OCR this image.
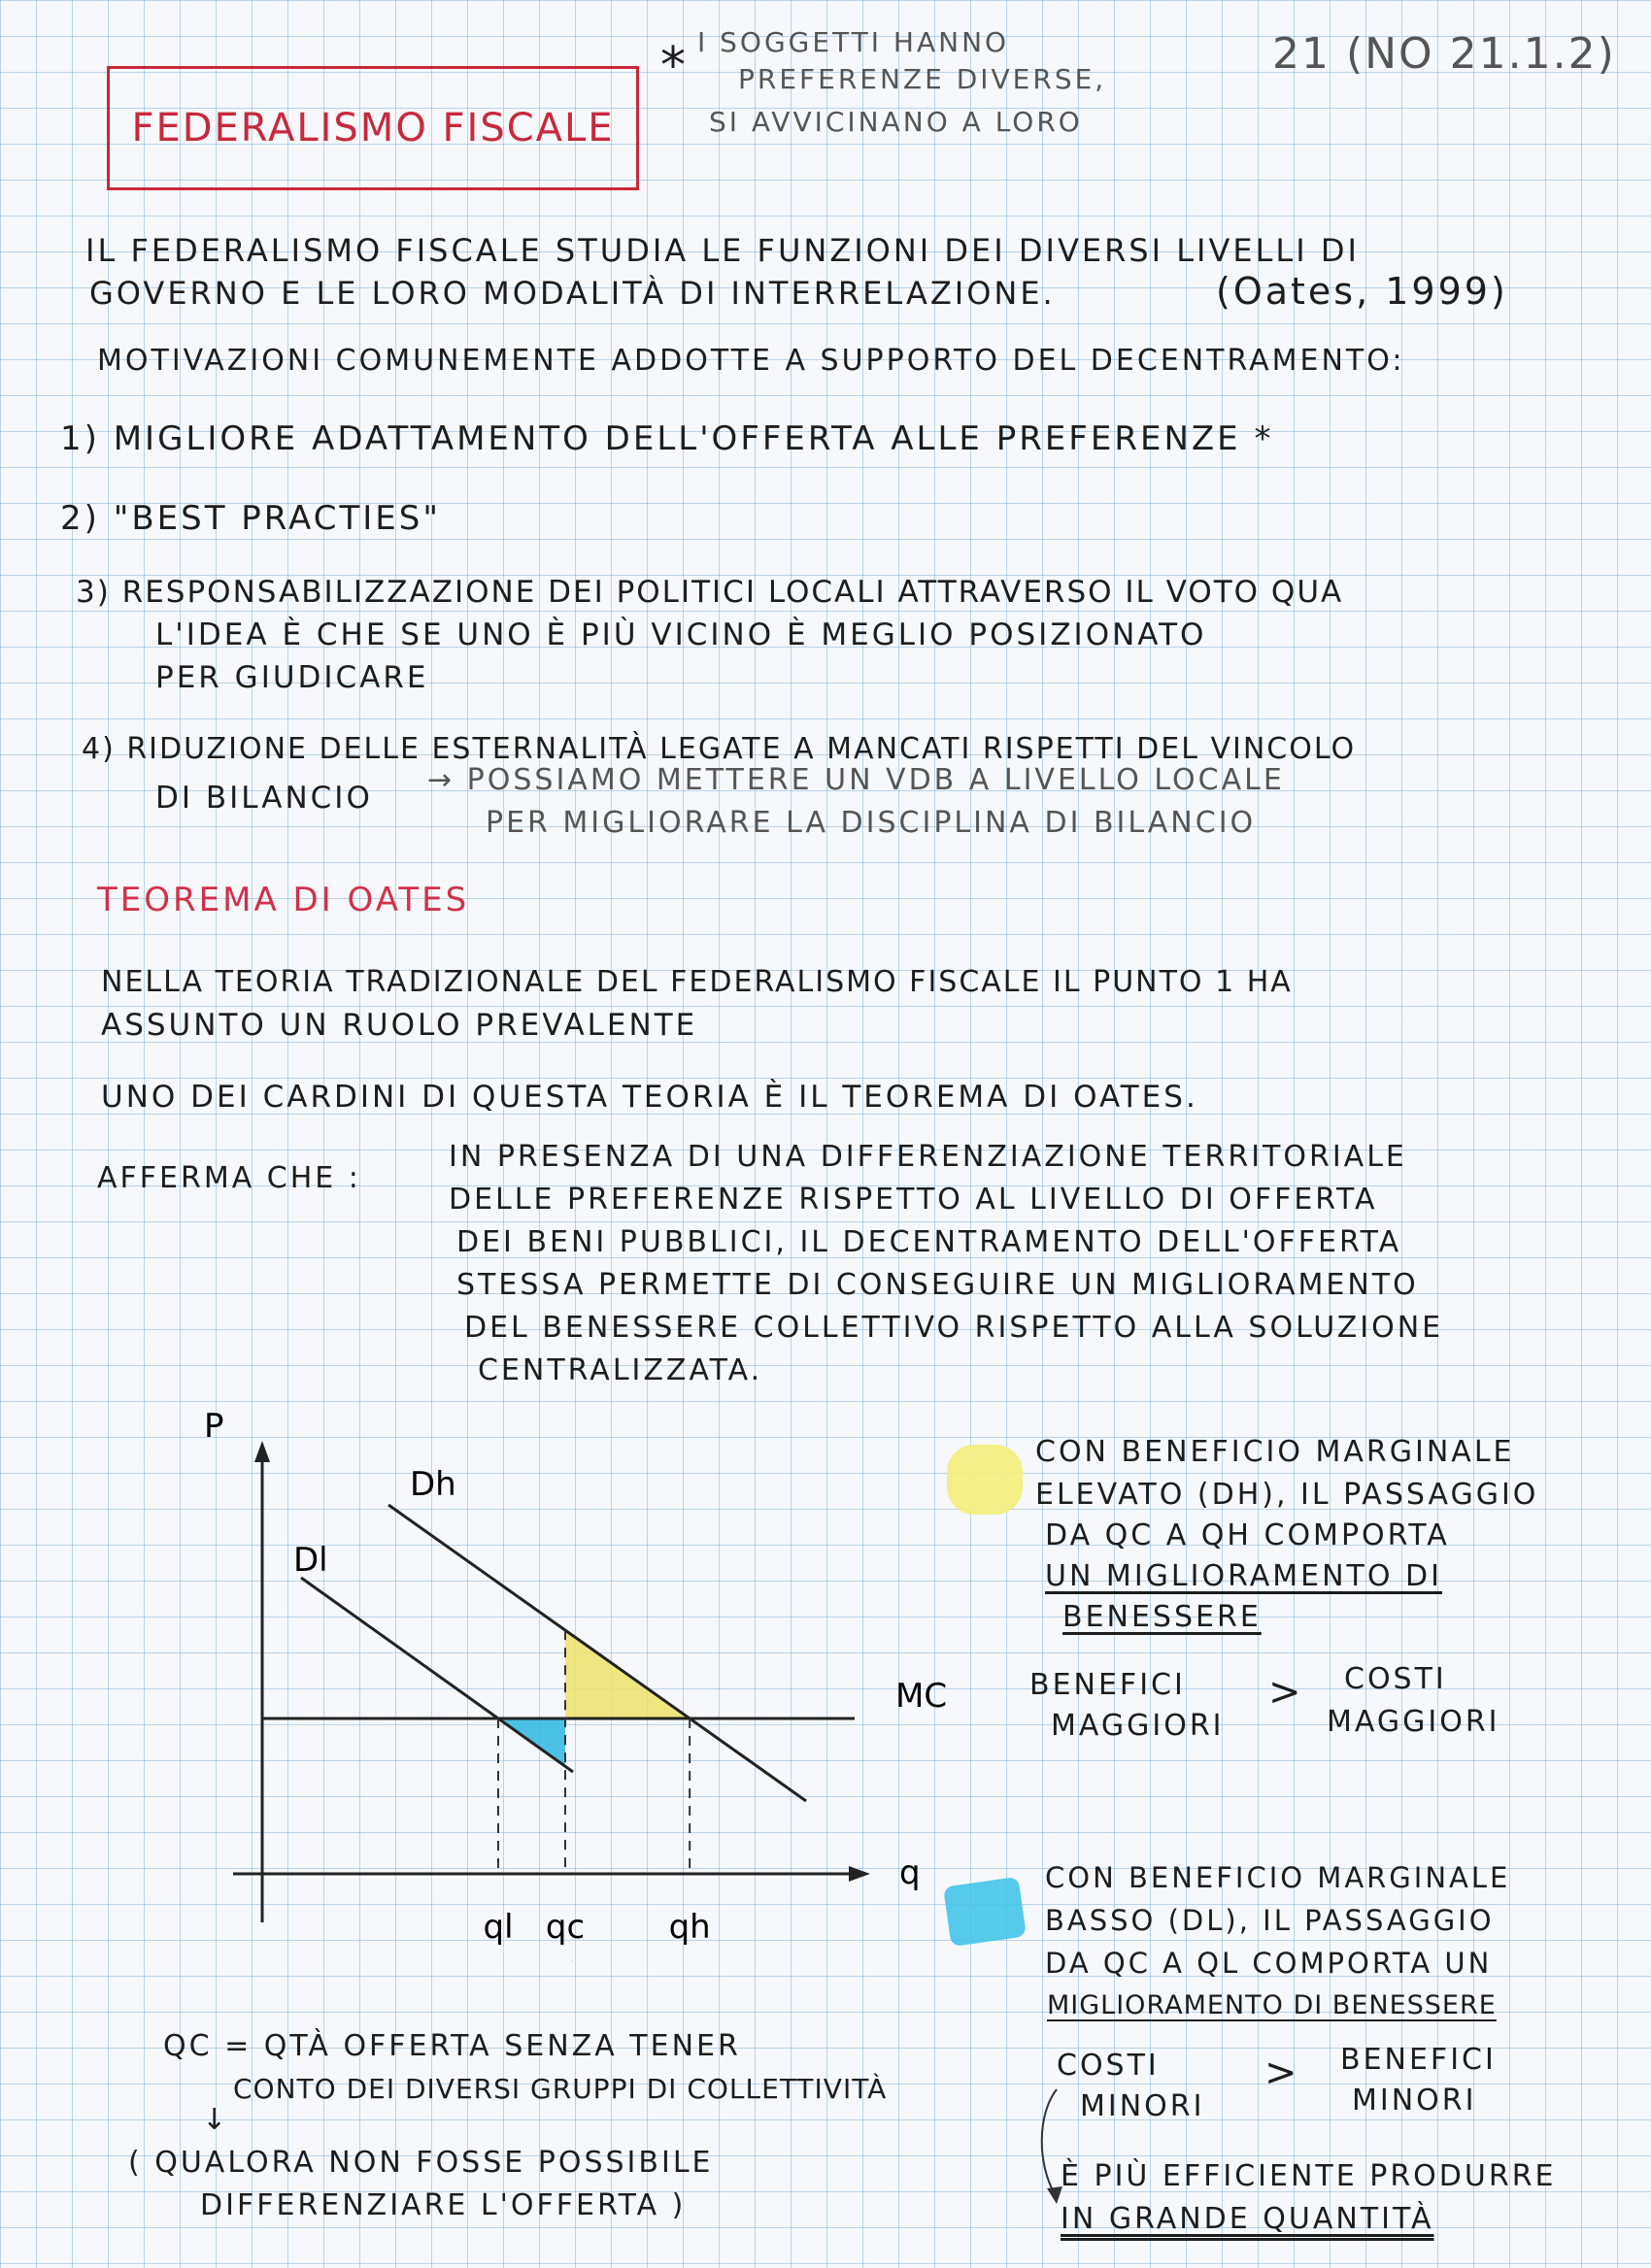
FEDERALISMO FISCALE
* I SOGGETTI HANNO
PREFERENZE DIVERSE,
SI AVVICINANO A LORO
21 (NO 21.1.2)
IL FEDERALISMO FISCALE STUDIA LE FUNZIONI DEI DIVERSI LIVELLI DI
GOVERNO E LE LORO MODALITÀ DI INTERRELAZIONE.	(Oates, 1999)
MOTIVAZIONI COMUNEMENTE ADDOTTE A SUPPORTO DEL DECENTRAMENTO:
1) MIGLIORE ADATTAMENTO DELL'OFFERTA ALLE PREFERENZE *
2) "BEST PRACTIES"
3) RESPONSABILIZZAZIONE DEI POLITICI LOCALI ATTRAVERSO IL VOTO QUA
L'IDEA È CHE SE UNO È PIÙ VICINO È MEGLIO POSIZIONATO
PER GIUDICARE
4) RIDUZIONE DELLE ESTERNALITÀ LEGATE A MANCATI RISPETTI DEL VINCOLO
DI BILANCIO
→ POSSIAMO METTERE UN VDB A LIVELLO LOCALE
PER MIGLIORARE LA DISCIPLINA DI BILANCIO
TEOREMA DI OATES
NELLA TEORIA TRADIZIONALE DEL FEDERALISMO FISCALE IL PUNTO 1 HA
ASSUNTO UN RUOLO PREVALENTE
UNO DEI CARDINI DI QUESTA TEORIA È IL TEOREMA DI OATES.
AFFERMA CHE :
IN PRESENZA DI UNA DIFFERENZIAZIONE TERRITORIALE
DELLE PREFERENZE RISPETTO AL LIVELLO DI OFFERTA
DEI BENI PUBBLICI, IL DECENTRAMENTO DELL'OFFERTA
STESSA PERMETTE DI CONSEGUIRE UN MIGLIORAMENTO
DEL BENESSERE COLLETTIVO RISPETTO ALLA SOLUZIONE
CENTRALIZZATA.
P
q
Dh
Dl
MC
ql qc	qh
CON BENEFICIO MARGINALE
ELEVATO (DH), IL PASSAGGIO
DA QC A QH COMPORTA
UN MIGLIORAMENTO DI
BENESSERE
BENEFICI
MAGGIORI
> COSTI
MAGGIORI
CON BENEFICIO MARGINALE
BASSO (DL), IL PASSAGGIO
DA QC A QL COMPORTA UN
MIGLIORAMENTO DI BENESSERE
COSTI
MINORI
> BENEFICI
MINORI
È PIÙ EFFICIENTE PRODURRE
IN GRANDE QUANTITÀ
QC = QTÀ OFFERTA SENZA TENER
CONTO DEI DIVERSI GRUPPI DI COLLETTIVITÀ
↓
( QUALORA NON FOSSE POSSIBILE
DIFFERENZIARE L'OFFERTA )
